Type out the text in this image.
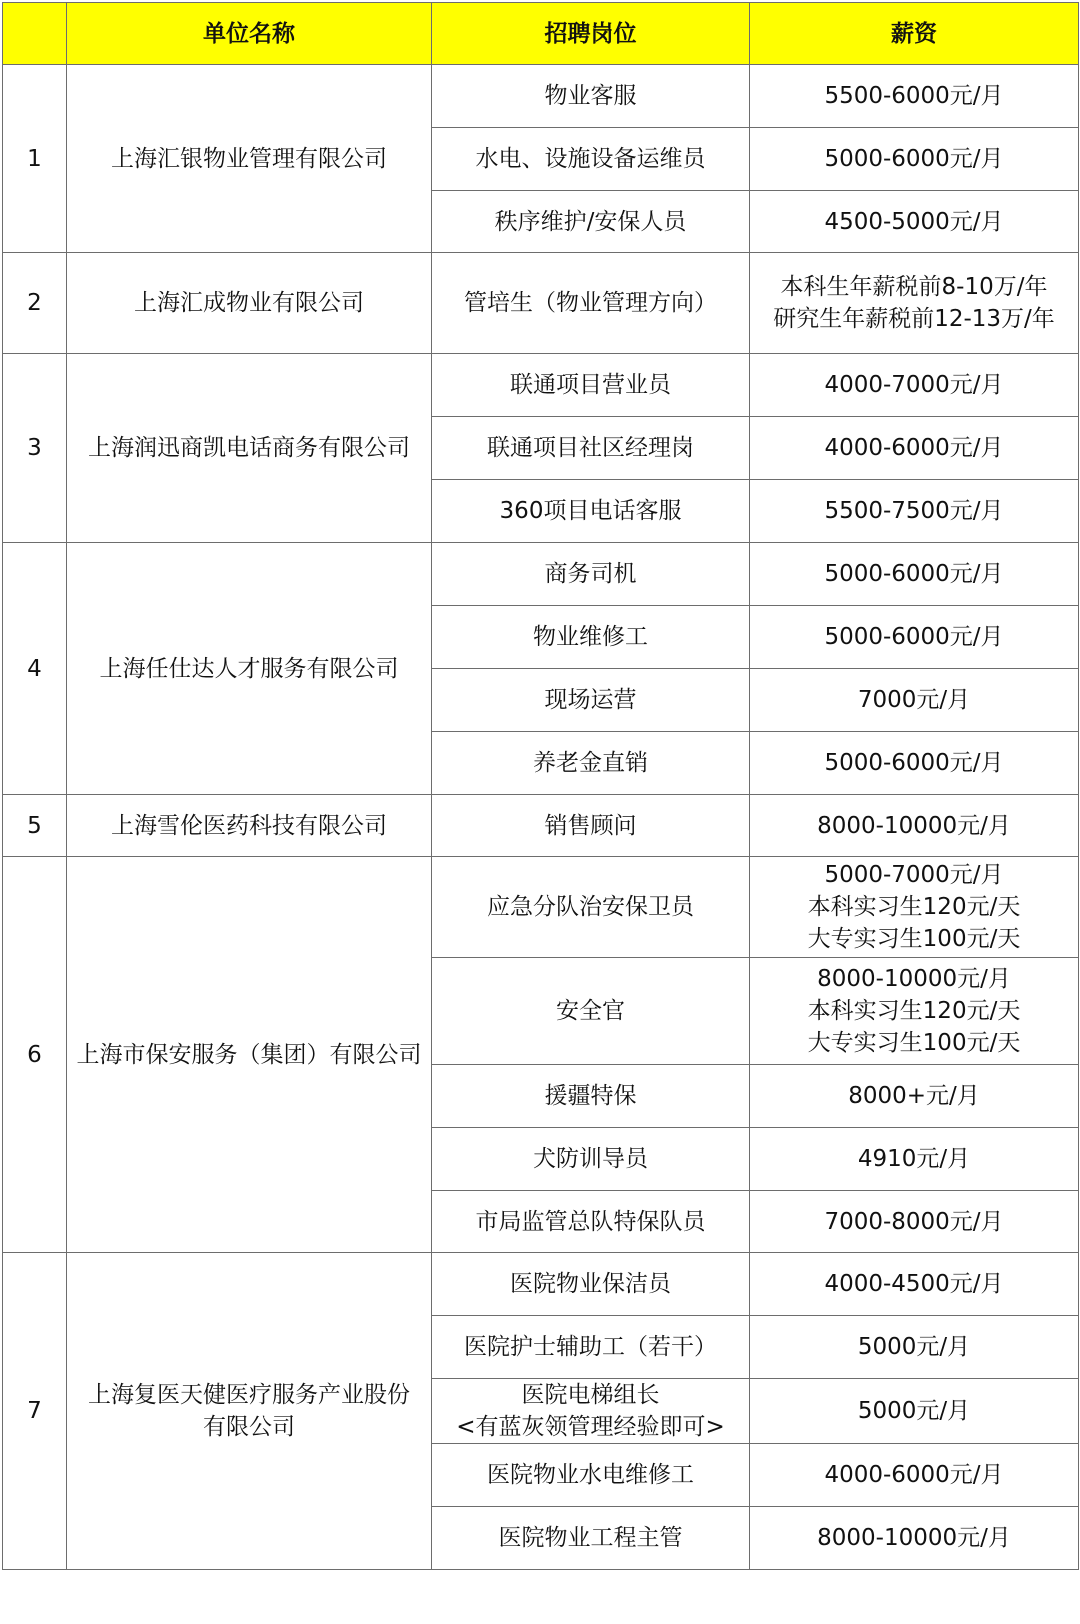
	单位名称	招聘岗位	薪资
1	上海汇银物业管理有限公司	物业客服	5500-6000元/月

		水电、设施设备运维员	5000-6000元/月

		秩序维护/安保人员	4500-5000元/月

2	上海汇成物业有限公司	管培生（物业管理方向）	本科生年薪税前8-10万/年
研究生年薪税前12-13万/年

3	上海润迅商凯电话商务有限公司	联通项目营业员	4000-7000元/月

		联通项目社区经理岗	4000-6000元/月

		360项目电话客服	5500-7500元/月

4	上海任仕达人才服务有限公司	商务司机	5000-6000元/月

		物业维修工	5000-6000元/月

		现场运营	7000元/月

		养老金直销	5000-6000元/月

5	上海雪伦医药科技有限公司	销售顾问	8000-10000元/月

6	上海市保安服务（集团）有限公司	应急分队治安保卫员	5000-7000元/月
本科实习生120元/天
大专实习生100元/天

		安全官	8000-10000元/月
本科实习生120元/天
大专实习生100元/天

		援疆特保	8000+元/月

		犬防训导员	4910元/月

		市局监管总队特保队员	7000-8000元/月

7	上海复医天健医疗服务产业股份
有限公司	医院物业保洁员	4000-4500元/月

		医院护士辅助工（若干）	5000元/月

		医院电梯组长
<有蓝灰领管理经验即可>	5000元/月

		医院物业水电维修工	4000-6000元/月

		医院物业工程主管	8000-10000元/月
